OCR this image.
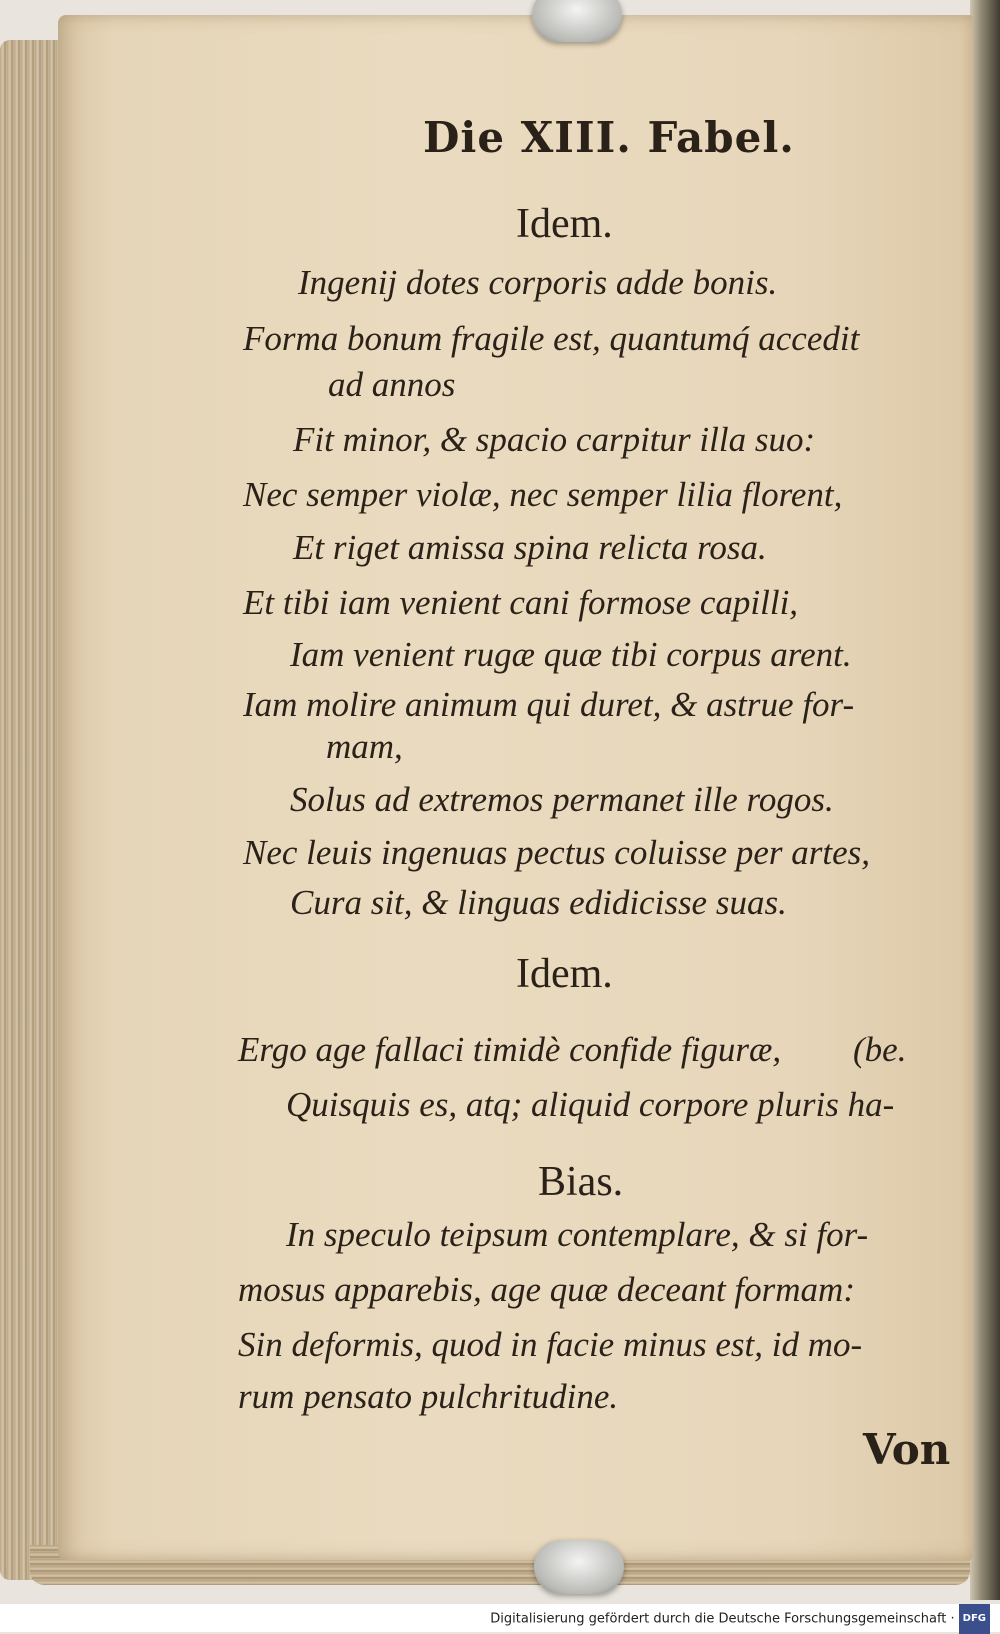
Die XIII. Fabel.

Idem.

Ingenij dotes corporis adde bonis.

Forma bonum fragile est, quantumq́ accedit

ad annos

Fit minor, & spacio carpitur illa suo:

Nec semper violæ, nec semper lilia florent,

Et riget amissa spina relicta rosa.

Et tibi iam venient cani formose capilli,

Iam venient rugæ quæ tibi corpus arent.

Iam molire animum qui duret, & astrue for-

mam,

Solus ad extremos permanet ille rogos.

Nec leuis ingenuas pectus coluisse per artes,

Cura sit, & linguas edidicisse suas.

Idem.

Ergo age fallaci timidè confide figuræ, (be.

Quisquis es, atq; aliquid corpore pluris ha-

Bias.

In speculo teipsum contemplare, & si for-

mosus apparebis, age quæ deceant formam:

Sin deformis, quod in facie minus est, id mo-

rum pensato pulchritudine.

Von

Digitalisierung gefördert durch die Deutsche Forschungsgemeinschaft · DFG
